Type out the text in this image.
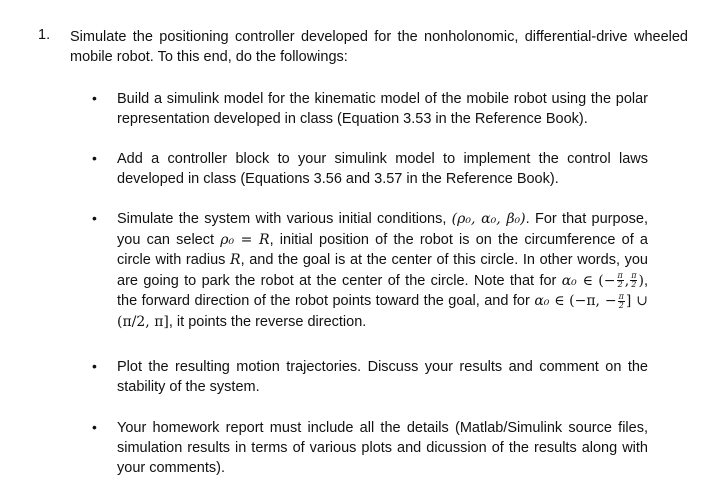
1. Simulate the positioning controller developed for the nonholonomic, differential-drive wheeled mobile robot. To this end, do the followings:
• Build a simulink model for the kinematic model of the mobile robot using the polar representation developed in class (Equation 3.53 in the Reference Book).
• Add a controller block to your simulink model to implement the control laws developed in class (Equations 3.56 and 3.57 in the Reference Book).
• Simulate the system with various initial conditions, (ρ₀, α₀, β₀). For that purpose, you can select ρ₀ = R, initial position of the robot is on the circumference of a circle with radius R, and the goal is at the center of this circle. In other words, you are going to park the robot at the center of the circle. Note that for α₀ ∈ (− $\frac{\pi}{2}$ , $\frac{\pi}{2}$ ), the forward direction of the robot points toward the goal, and for α₀ ∈ (−π, − $\frac{\pi}{2}$ ] ∪ (π/2, π], it points the reverse direction.
• Plot the resulting motion trajectories. Discuss your results and comment on the stability of the system.
• Your homework report must include all the details (Matlab/Simulink source files, simulation results in terms of various plots and dicussion of the results along with your comments).
